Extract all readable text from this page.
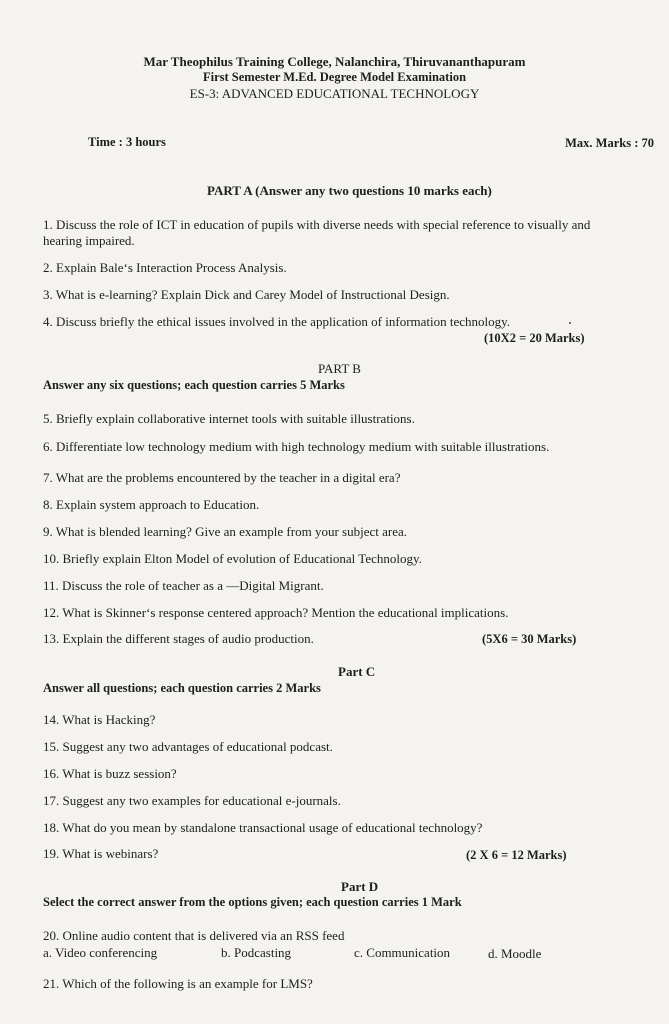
Mar Theophilus Training College, Nalanchira, Thiruvananthapuram
First Semester M.Ed. Degree Model Examination
ES-3: ADVANCED EDUCATIONAL TECHNOLOGY
Time : 3 hours	Max. Marks : 70
PART A (Answer any two questions 10 marks each)
1. Discuss the role of ICT in education of pupils with diverse needs with special reference to visually and
hearing impaired.
2. Explain Bale‘s Interaction Process Analysis.
3. What is e-learning? Explain Dick and Carey Model of Instructional Design.
4. Discuss briefly the ethical issues involved in the application of information technology.
(10X2 = 20 Marks)
PART B
Answer any six questions; each question carries 5 Marks
5. Briefly explain collaborative internet tools with suitable illustrations.
6. Differentiate low technology medium with high technology medium with suitable illustrations.
7. What are the problems encountered by the teacher in a digital era?
8. Explain system approach to Education.
9. What is blended learning? Give an example from your subject area.
10. Briefly explain Elton Model of evolution of Educational Technology.
11. Discuss the role of teacher as a —Digital Migrant.
12. What is Skinner‘s response centered approach? Mention the educational implications.
13. Explain the different stages of audio production.	(5X6 = 30 Marks)
Part C
Answer all questions; each question carries 2 Marks
14. What is Hacking?
15. Suggest any two advantages of educational podcast.
16. What is buzz session?
17. Suggest any two examples for educational e-journals.
18. What do you mean by standalone transactional usage of educational technology?
19. What is webinars?	(2 X 6 = 12 Marks)
Part D
Select the correct answer from the options given; each question carries 1 Mark
20. Online audio content that is delivered via an RSS feed
a. Video conferencing	b. Podcasting	c. Communication	d. Moodle
21. Which of the following is an example for LMS?
